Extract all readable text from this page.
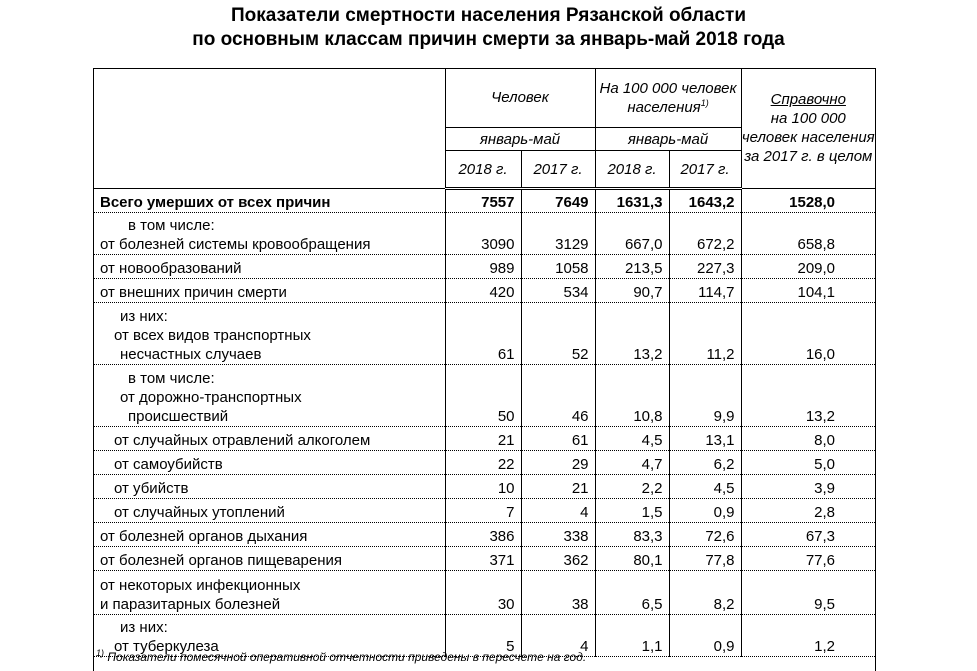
Показатели смертности населения Рязанской области
по основным классам причин смерти за январь-май 2018 года
	Человек		На 100 000 человек населения$^{1)}$		Справочно
на 100 000 человек населения за 2017 г. в целом
	январь-май		январь-май		
	2018 г.	2017 г.	2018 г.	2017 г.	
Всего умерших от всех причин	7557	7649	1631,3	1643,2	1528,0

в том числе:
от болезней системы кровообращения	3090	3129	667,0	672,2	658,8
от новообразований	989	1058	213,5	227,3	209,0
от внешних причин смерти	420	534	90,7	114,7	104,1

из них:
от всех видов транспортных
несчастных случаев	61	52	13,2	11,2	16,0

в том числе:
от дорожно-транспортных
происшествий	50	46	10,8	9,9	13,2

от случайных отравлений алкоголем	21	61	4,5	13,1	8,0

от самоубийств	22	29	4,7	6,2	5,0

от убийств	10	21	2,2	4,5	3,9

от случайных утоплений	7	4	1,5	0,9	2,8
от болезней органов дыхания	386	338	83,3	72,6	67,3
от болезней органов пищеварения	371	362	80,1	77,8	77,6

от некоторых инфекционных
и паразитарных болезней	30	38	6,5	8,2	9,5

из них:
от туберкулеза	5	4	1,1	0,9	1,2
$^{1)}$ Показатели помесячной оперативной отчетности приведены в пересчете на год.
